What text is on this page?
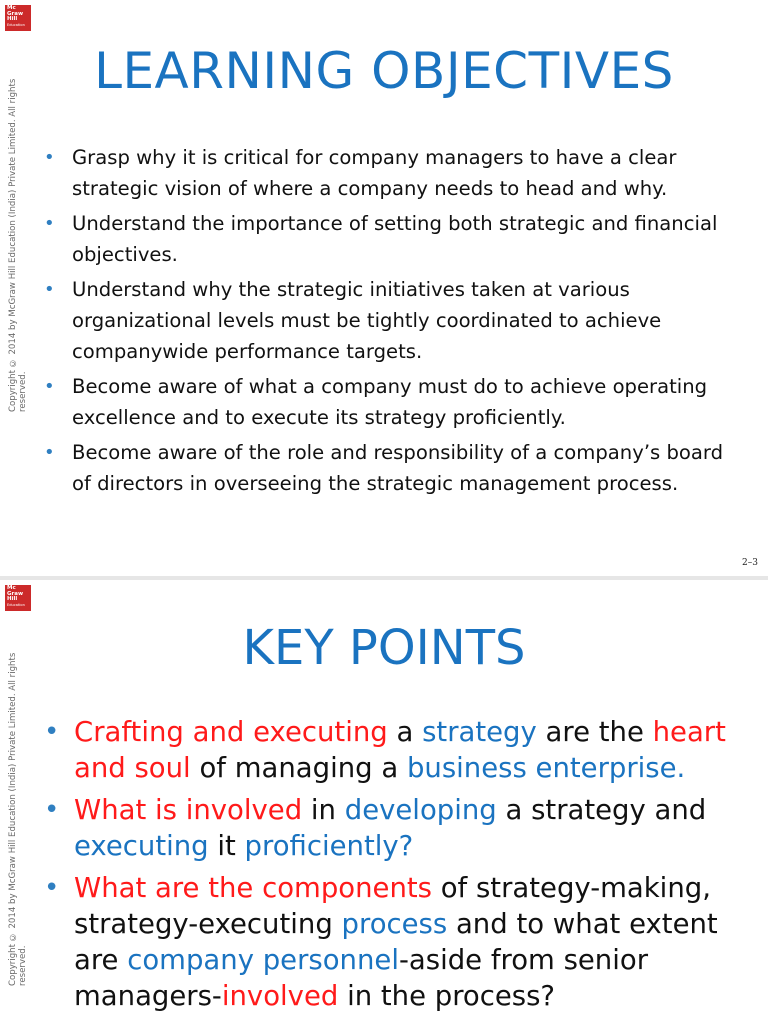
Mc
Graw
Hill
Education
Copyright © 2014 by McGraw Hill Education (India) Private Limited. All rights reserved.
LEARNING OBJECTIVES
• Grasp why it is critical for company managers to have a clear strategic vision of where a company needs to head and why.
• Understand the importance of setting both strategic and financial objectives.
• Understand why the strategic initiatives taken at various organizational levels must be tightly coordinated to achieve companywide performance targets.
• Become aware of what a company must do to achieve operating excellence and to execute its strategy proficiently.
• Become aware of the role and responsibility of a company’s board of directors in overseeing the strategic management process.
2–3
Mc
Graw
Hill
Education
Copyright © 2014 by McGraw Hill Education (India) Private Limited. All rights reserved.
KEY POINTS
• Crafting and executing a strategy are the heart and soul of managing a business enterprise.
• What is involved in developing a strategy and executing it proficiently?
• What are the components of strategy-making, strategy-executing process and to what extent are company personnel-aside from senior managers-involved in the process?
